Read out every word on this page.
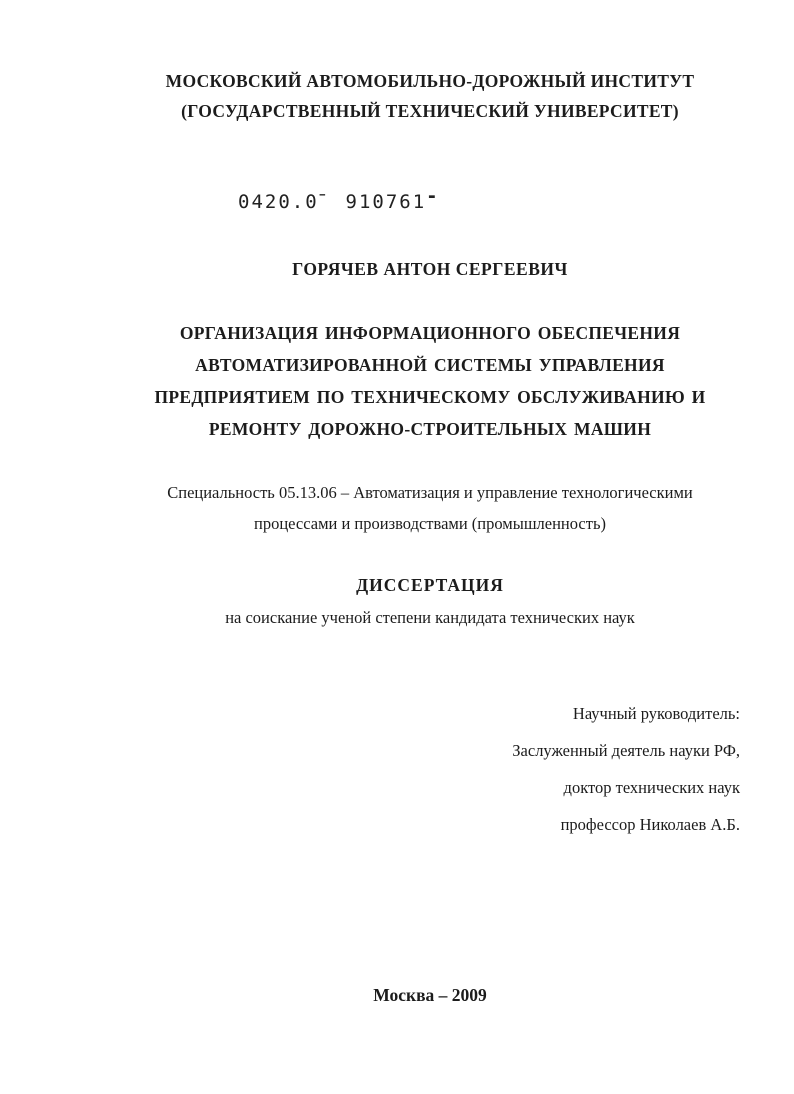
МОСКОВСКИЙ АВТОМОБИЛЬНО-ДОРОЖНЫЙ ИНСТИТУТ
(ГОСУДАРСТВЕННЫЙ ТЕХНИЧЕСКИЙ УНИВЕРСИТЕТ)
0420.0̄  910761-
ГОРЯЧЕВ АНТОН СЕРГЕЕВИЧ
ОРГАНИЗАЦИЯ ИНФОРМАЦИОННОГО ОБЕСПЕЧЕНИЯ
АВТОМАТИЗИРОВАННОЙ СИСТЕМЫ УПРАВЛЕНИЯ
ПРЕДПРИЯТИЕМ ПО ТЕХНИЧЕСКОМУ ОБСЛУЖИВАНИЮ И
РЕМОНТУ ДОРОЖНО-СТРОИТЕЛЬНЫХ МАШИН
Специальность 05.13.06 – Автоматизация и управление технологическими
процессами и производствами (промышленность)
ДИССЕРТАЦИЯ
на соискание ученой степени кандидата технических наук
Научный руководитель:
Заслуженный деятель науки РФ,
доктор технических наук
профессор Николаев А.Б.
Москва – 2009
